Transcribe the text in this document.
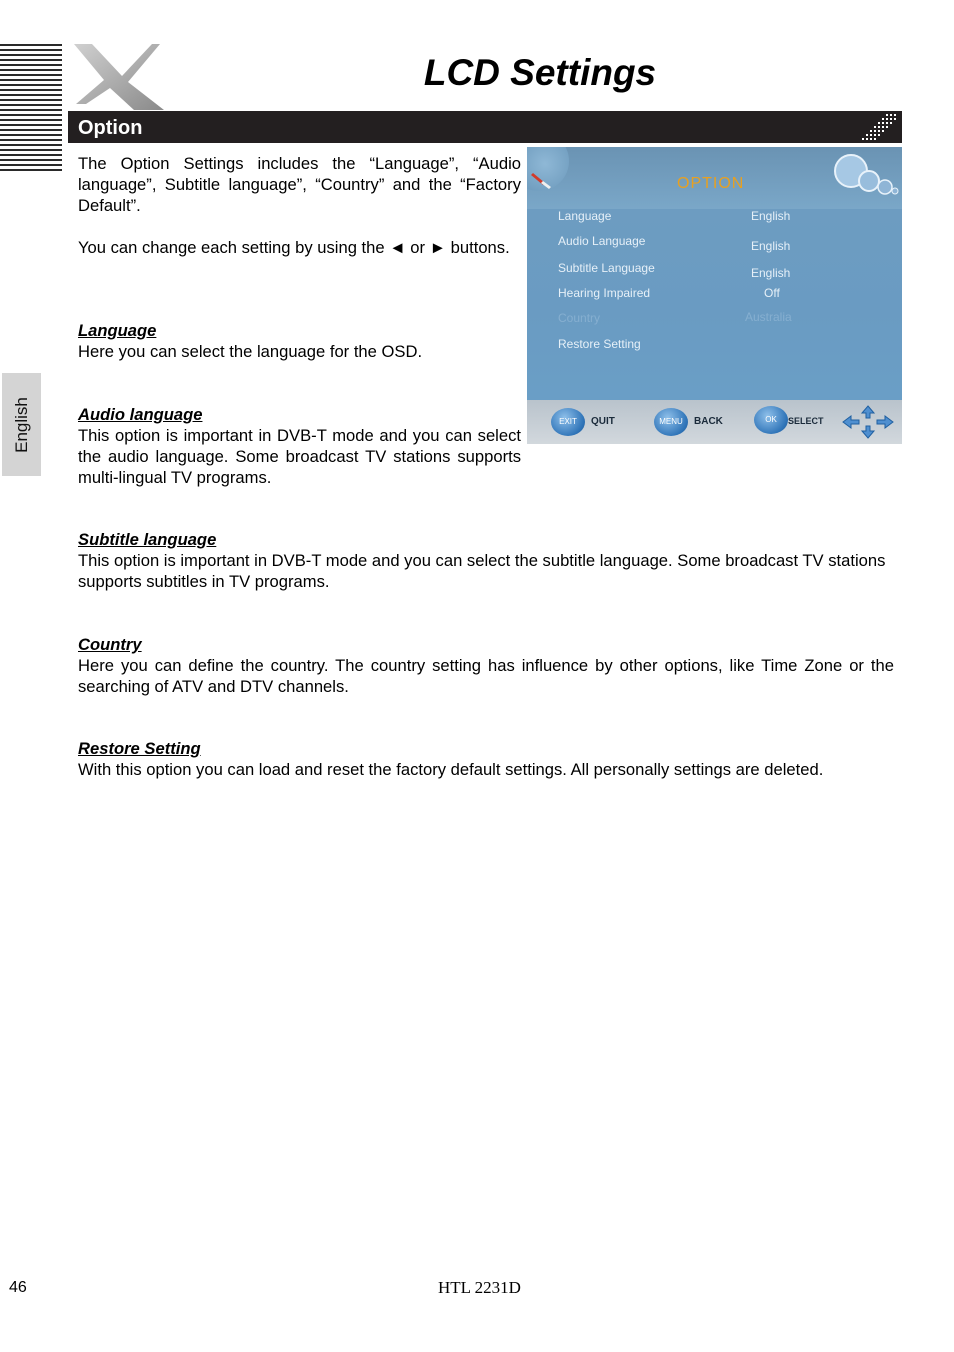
LCD Settings
Option
English

The Option Settings includes the “Language”, “Audio language”, Subtitle language”, “Country” and the “Factory Default”.

You can change each setting by using the ◄ or ► buttons.

Language

Here you can select the language for the OSD.

Audio language

This option is important in DVB-T mode and you can select the audio language. Some broadcast TV stations supports multi-lingual TV programs.

Subtitle language

This option is important in DVB-T mode and you can select the subtitle language. Some broadcast TV stations supports subtitles in TV programs.

Country

Here you can define the country. The country setting has influence by other options, like Time Zone or the searching of ATV and DTV channels.

Restore Setting

With this option you can load and reset the factory default settings. All personally settings are deleted.

OPTION
Language	English
Audio Language	English
Subtitle Language	English
Hearing Impaired	Off
Country	Australia
Restore Setting
EXIT	QUIT	MENU	BACK	OK	SELECT
46	HTL 2231D
